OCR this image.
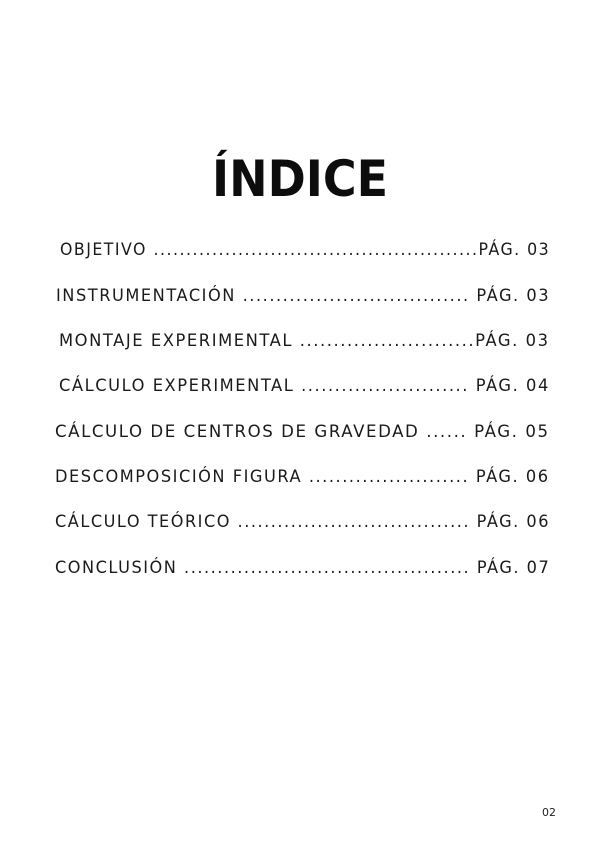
ÍNDICE
OBJETIVO ..................................................PÁG. 03
INSTRUMENTACIÓN .................................. PÁG. 03
MONTAJE EXPERIMENTAL ..........................PÁG. 03
CÁLCULO EXPERIMENTAL ......................... PÁG. 04
CÁLCULO DE CENTROS DE GRAVEDAD ...... PÁG. 05
DESCOMPOSICIÓN FIGURA ........................ PÁG. 06
CÁLCULO TEÓRICO ................................... PÁG. 06
CONCLUSIÓN ........................................... PÁG. 07
02
